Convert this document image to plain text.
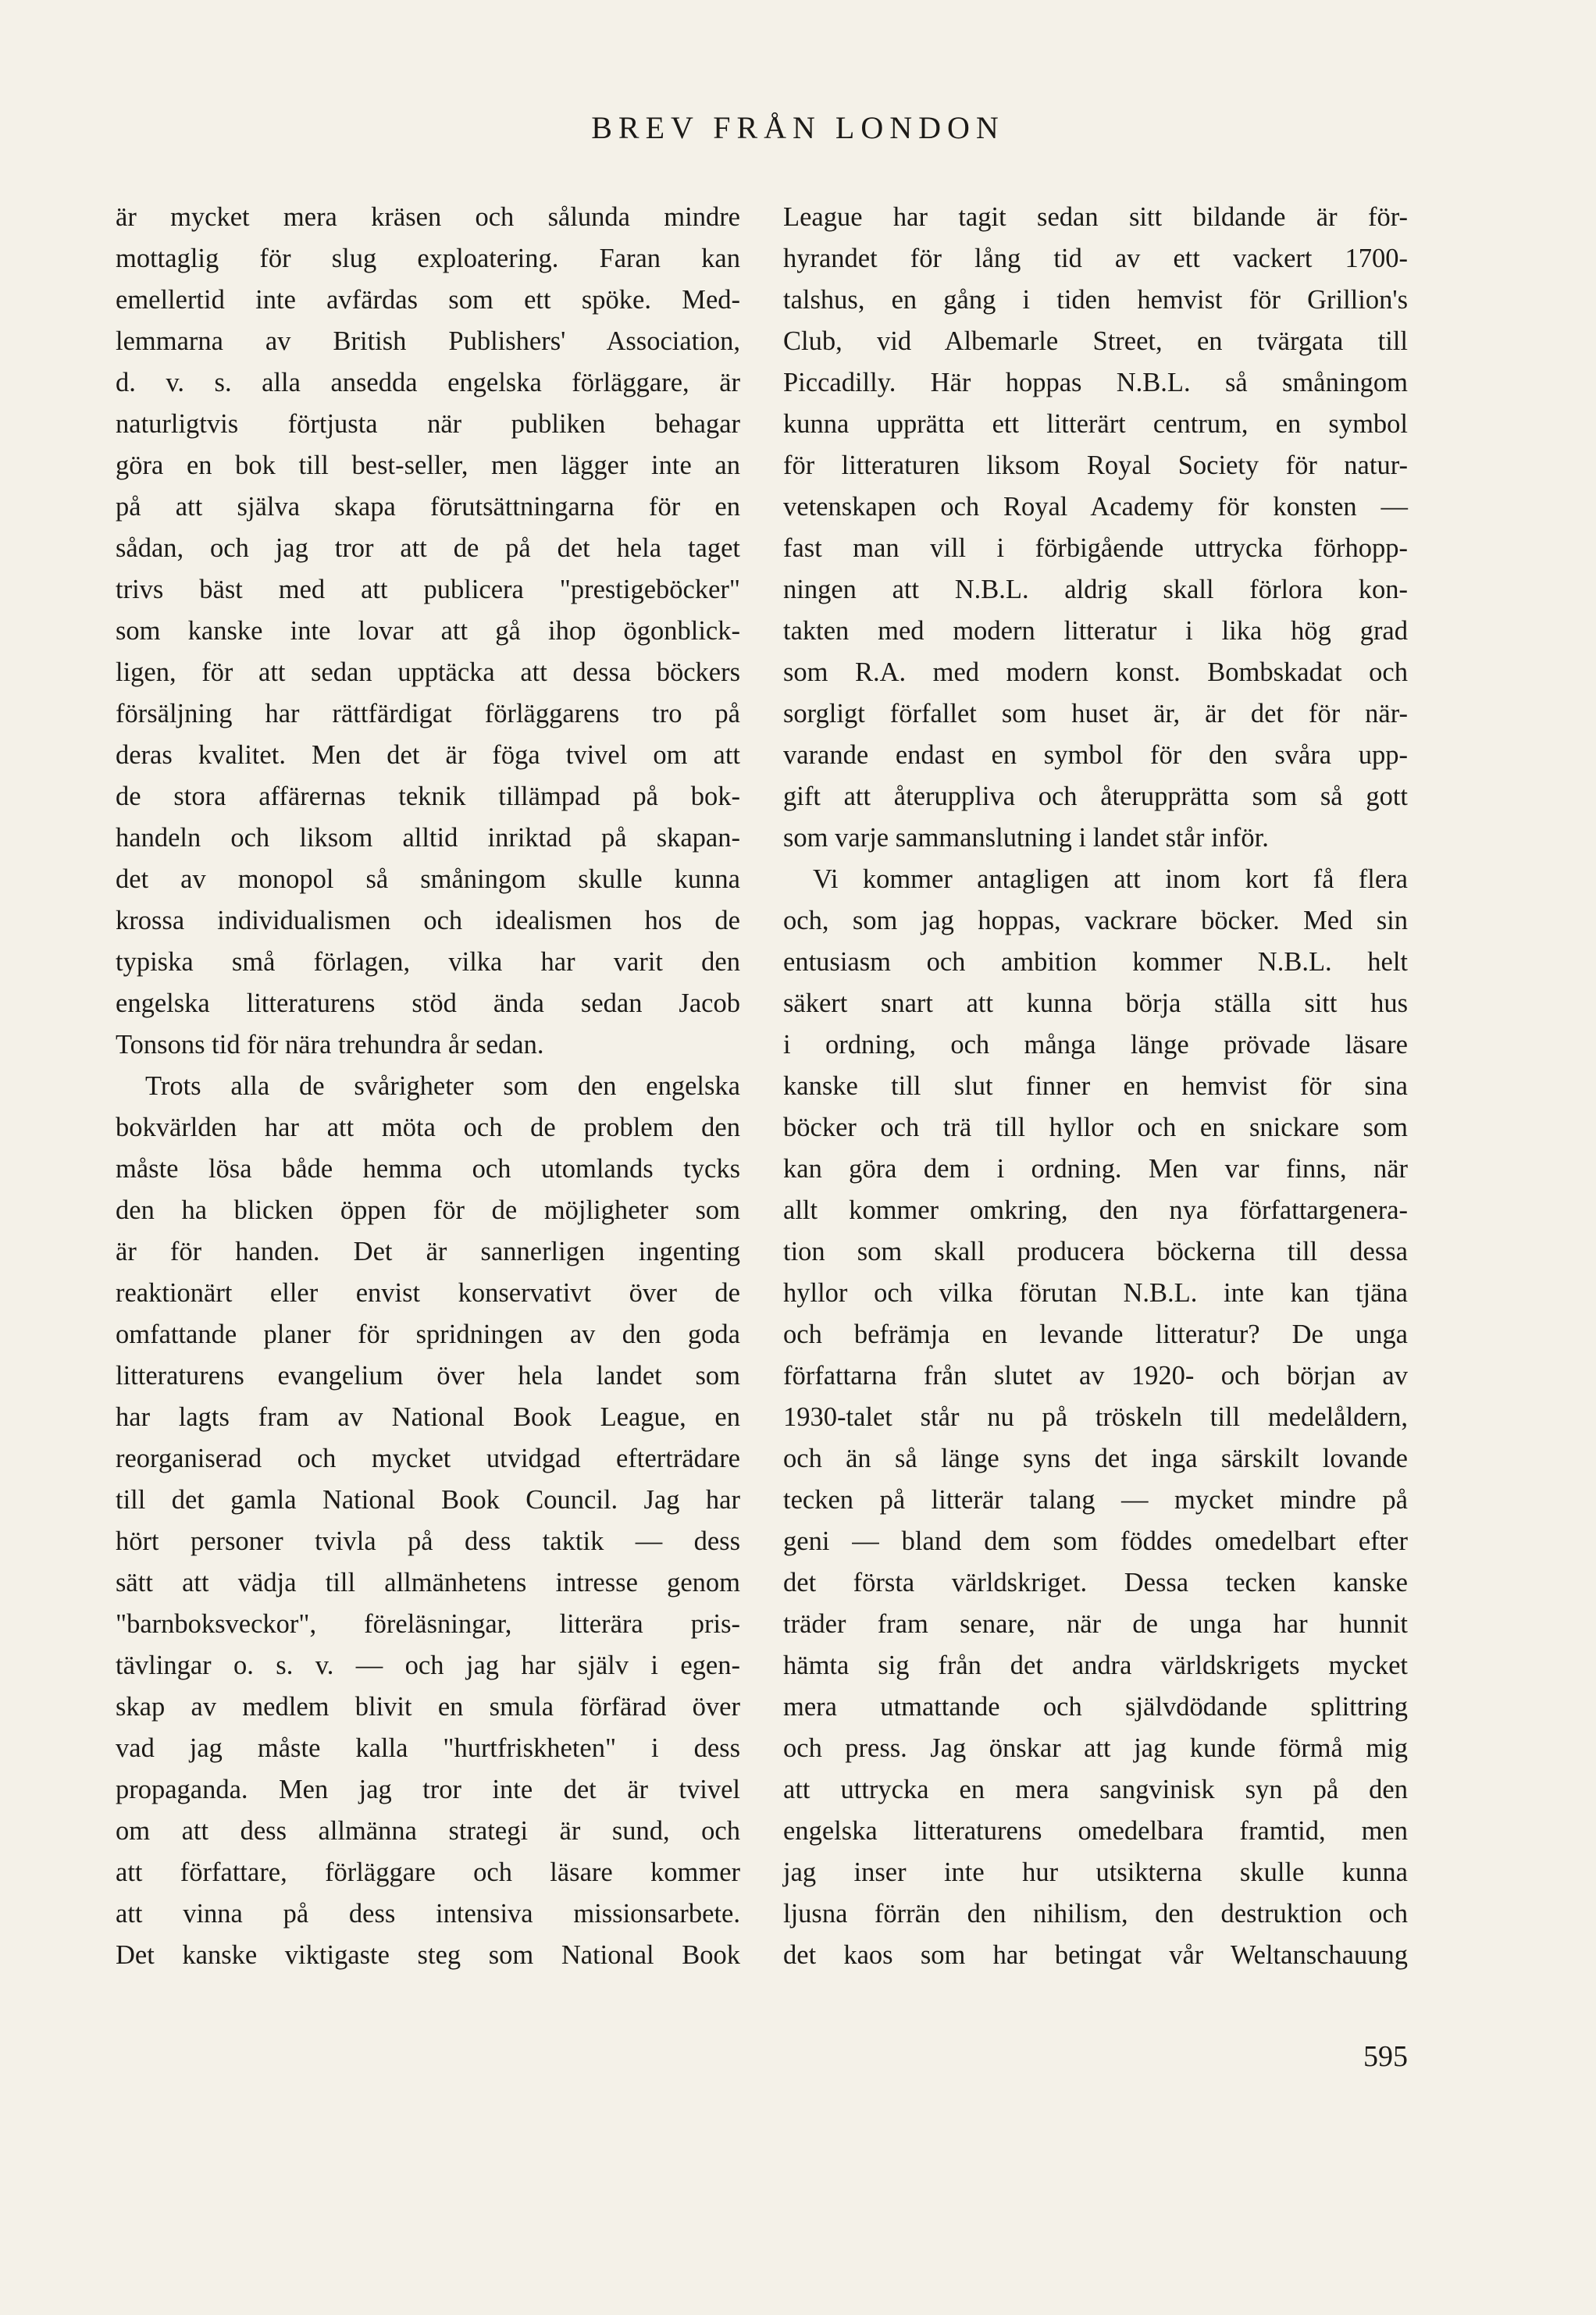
BREV FRÅN LONDON
är mycket mera kräsen och sålunda mindre
mottaglig för slug exploatering. Faran kan
emellertid inte avfärdas som ett spöke. Med-
lemmarna av British Publishers' Association,
d. v. s. alla ansedda engelska förläggare, är
naturligtvis förtjusta när publiken behagar
göra en bok till best-seller, men lägger inte an
på att själva skapa förutsättningarna för en
sådan, och jag tror att de på det hela taget
trivs bäst med att publicera "prestigeböcker"
som kanske inte lovar att gå ihop ögonblick-
ligen, för att sedan upptäcka att dessa böckers
försäljning har rättfärdigat förläggarens tro på
deras kvalitet. Men det är föga tvivel om att
de stora affärernas teknik tillämpad på bok-
handeln och liksom alltid inriktad på skapan-
det av monopol så småningom skulle kunna
krossa individualismen och idealismen hos de
typiska små förlagen, vilka har varit den
engelska litteraturens stöd ända sedan Jacob
Tonsons tid för nära trehundra år sedan.
Trots alla de svårigheter som den engelska
bokvärlden har att möta och de problem den
måste lösa både hemma och utomlands tycks
den ha blicken öppen för de möjligheter som
är för handen. Det är sannerligen ingenting
reaktionärt eller envist konservativt över de
omfattande planer för spridningen av den goda
litteraturens evangelium över hela landet som
har lagts fram av National Book League, en
reorganiserad och mycket utvidgad efterträdare
till det gamla National Book Council. Jag har
hört personer tvivla på dess taktik — dess
sätt att vädja till allmänhetens intresse genom
"barnboksveckor", föreläsningar, litterära pris-
tävlingar o. s. v. — och jag har själv i egen-
skap av medlem blivit en smula förfärad över
vad jag måste kalla "hurtfriskheten" i dess
propaganda. Men jag tror inte det är tvivel
om att dess allmänna strategi är sund, och
att författare, förläggare och läsare kommer
att vinna på dess intensiva missionsarbete.
Det kanske viktigaste steg som National Book
League har tagit sedan sitt bildande är för-
hyrandet för lång tid av ett vackert 1700-
talshus, en gång i tiden hemvist för Grillion's
Club, vid Albemarle Street, en tvärgata till
Piccadilly. Här hoppas N.B.L. så småningom
kunna upprätta ett litterärt centrum, en symbol
för litteraturen liksom Royal Society för natur-
vetenskapen och Royal Academy för konsten —
fast man vill i förbigående uttrycka förhopp-
ningen att N.B.L. aldrig skall förlora kon-
takten med modern litteratur i lika hög grad
som R.A. med modern konst. Bombskadat och
sorgligt förfallet som huset är, är det för när-
varande endast en symbol för den svåra upp-
gift att återuppliva och återupprätta som så gott
som varje sammanslutning i landet står inför.
Vi kommer antagligen att inom kort få flera
och, som jag hoppas, vackrare böcker. Med sin
entusiasm och ambition kommer N.B.L. helt
säkert snart att kunna börja ställa sitt hus
i ordning, och många länge prövade läsare
kanske till slut finner en hemvist för sina
böcker och trä till hyllor och en snickare som
kan göra dem i ordning. Men var finns, när
allt kommer omkring, den nya författargenera-
tion som skall producera böckerna till dessa
hyllor och vilka förutan N.B.L. inte kan tjäna
och befrämja en levande litteratur? De unga
författarna från slutet av 1920- och början av
1930-talet står nu på tröskeln till medelåldern,
och än så länge syns det inga särskilt lovande
tecken på litterär talang — mycket mindre på
geni — bland dem som föddes omedelbart efter
det första världskriget. Dessa tecken kanske
träder fram senare, när de unga har hunnit
hämta sig från det andra världskrigets mycket
mera utmattande och självdödande splittring
och press. Jag önskar att jag kunde förmå mig
att uttrycka en mera sangvinisk syn på den
engelska litteraturens omedelbara framtid, men
jag inser inte hur utsikterna skulle kunna
ljusna förrän den nihilism, den destruktion och
det kaos som har betingat vår Weltanschauung
595
